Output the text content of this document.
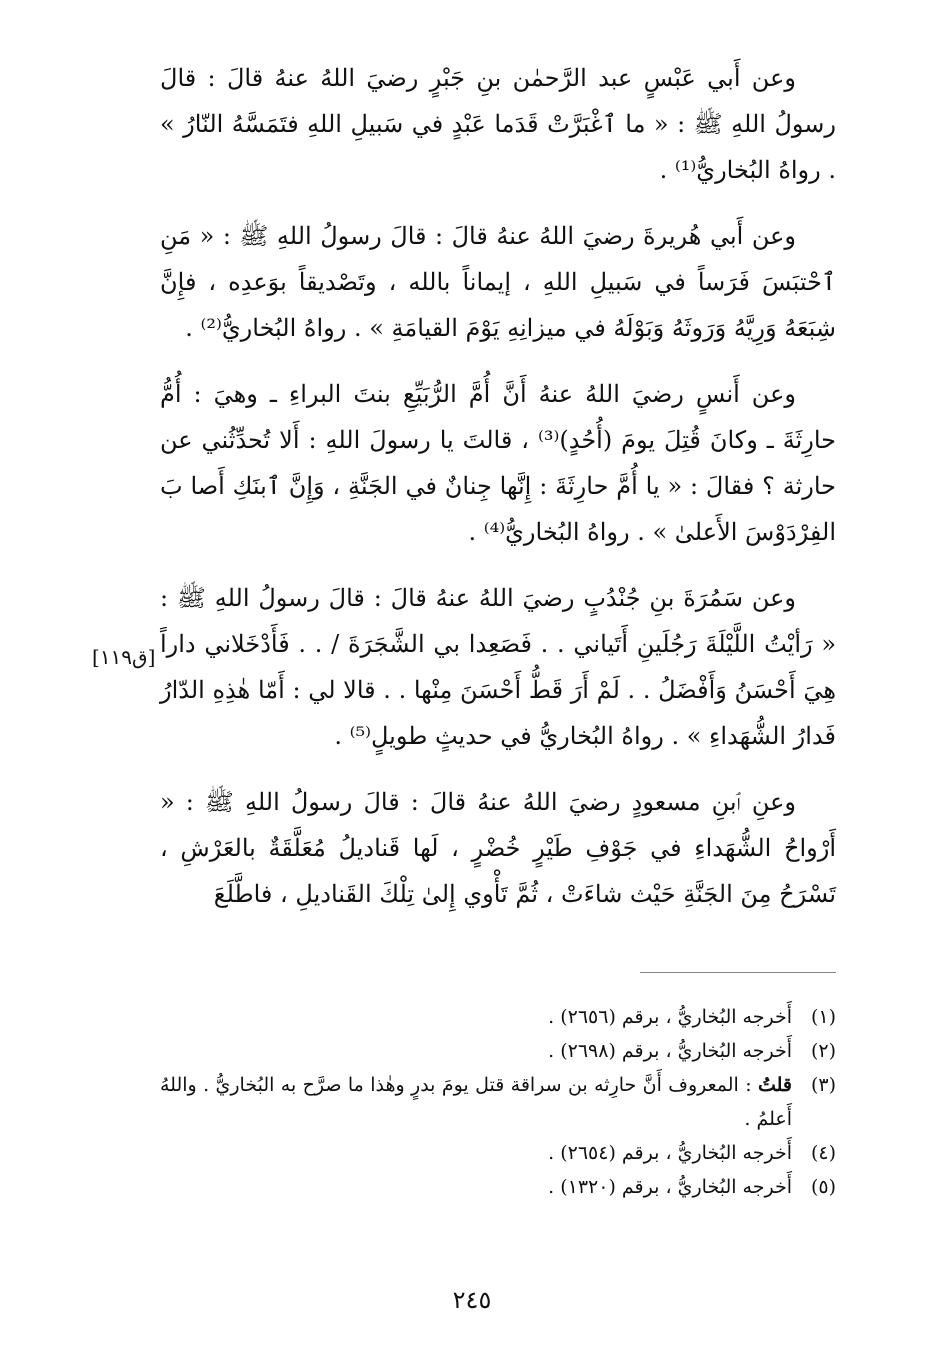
وعن أَبي عَبْسٍ عبد الرَّحمٰن بنِ جَبْرٍ رضيَ اللهُ عنهُ قالَ : قالَ رسولُ اللهِ ﷺ : « ما ٱغْبَرَّتْ قَدَما عَبْدٍ في سَبيلِ اللهِ فتَمَسَّهُ النّارُ » . رواهُ البُخاريُّ⁽¹⁾ .

وعن أَبي هُريرةَ رضيَ اللهُ عنهُ قالَ : قالَ رسولُ اللهِ ﷺ : « مَنِ ٱحْتبَسَ فَرَساً في سَبيلِ اللهِ ، إيماناً بالله ، وتَصْديقاً بوَعدِه ، فإِنَّ شِبَعَهُ وَرِيَّهُ وَرَوثَهُ وَبَوْلَهُ في ميزانِهِ يَوْمَ القيامَةِ » . رواهُ البُخاريُّ⁽²⁾ .

وعن أَنسٍ رضيَ اللهُ عنهُ أَنَّ أُمَّ الرُّبَيِّعِ بنتَ البراءِ ـ وهيَ : أُمُّ حارِثَةَ ـ وكانَ قُتِلَ يومَ (أُحُدٍ)⁽³⁾ ، قالتَ يا رسولَ اللهِ : أَلا تُحدِّثُني عن حارثة ؟ فقالَ : « يا أُمَّ حارِثَةَ : إِنَّها جِنانٌ في الجَنَّةِ ، وَإِنَّ ٱبنَكِ أَصا بَ الفِرْدَوْسَ الأَعلىٰ » . رواهُ البُخاريُّ⁽⁴⁾ .

وعن سَمُرَةَ بنِ جُنْدُبٍ رضيَ اللهُ عنهُ قالَ : قالَ رسولُ اللهِ ﷺ : « رَأيْتُ اللَّيْلَةَ رَجُلَينِ أَتَياني . . فَصَعِدا بي الشَّجَرَةَ / . . فَأَدْخَلاني داراً هِيَ أَحْسَنُ وَأَفْضَلُ . . لَمْ أَرَ قَطُّ أَحْسَنَ مِنْها . . قالا لي : أَمّا هٰذِهِ الدّارُ فَدارُ الشُّهَداءِ » . رواهُ البُخاريُّ في حديثٍ طويلٍ⁽⁵⁾ .

وعنِ ٱبنِ مسعودٍ رضيَ اللهُ عنهُ قالَ : قالَ رسولُ اللهِ ﷺ : « أَرْواحُ الشُّهَداءِ في جَوْفِ طَيْرٍ خُضْرٍ ، لَها قَناديلُ مُعَلَّقَةٌ بالعَرْشِ ، تَسْرَحُ مِنَ الجَنَّةِ حَيْث شاءَتْ ، ثُمَّ تَأْوي إِلىٰ تِلْكَ القَناديلِ ، فاطَّلَعَ

[ق١١٩]
(١)
أَخرجه البُخاريُّ ، برقم (٢٦٥٦) .
(٢)
أَخرجه البُخاريُّ ، برقم (٢٦٩٨) .
(٣)
قلتُ : المعروف أَنَّ حارِثه بن سراقة قتل يومَ بدرٍ وهٰذا ما صرَّح به البُخاريُّ . واللهُ أَعلمُ .
(٤)
أَخرجه البُخاريُّ ، برقم (٢٦٥٤) .
(٥)
أَخرجه البُخاريُّ ، برقم (١٣٢٠) .
٢٤٥
